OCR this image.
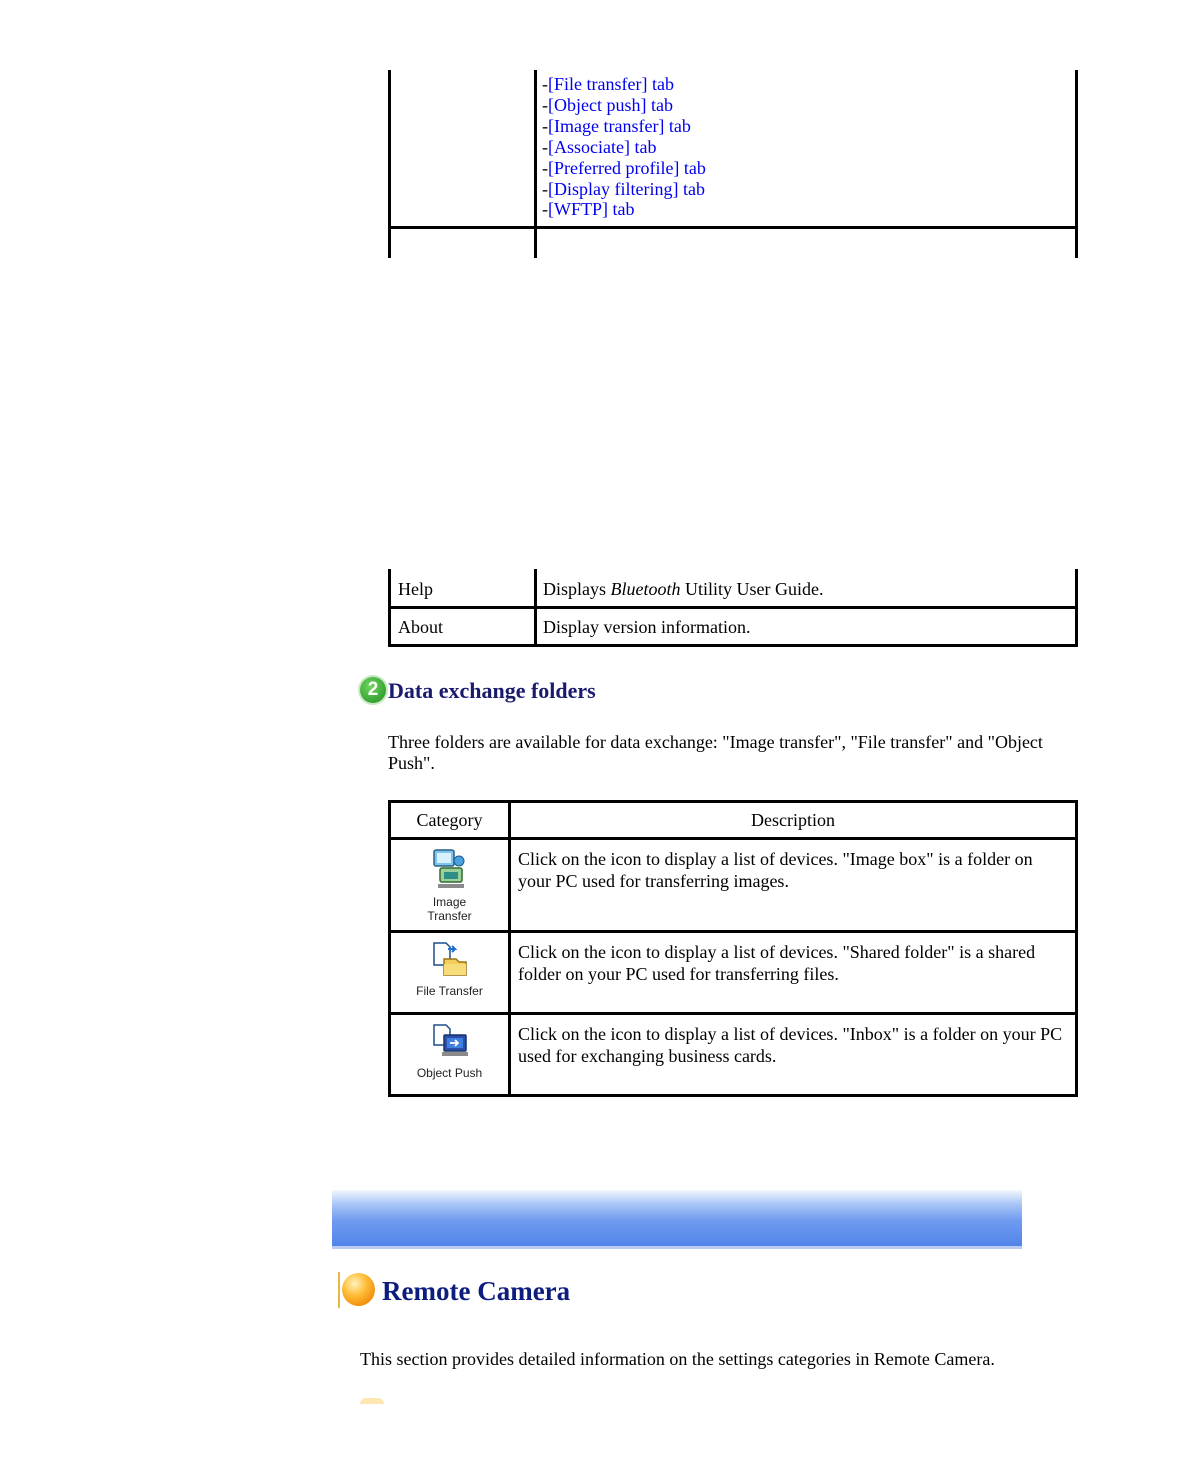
-[File transfer] tab
-[Object push] tab
-[Image transfer] tab
-[Associate] tab
-[Preferred profile] tab
-[Display filtering] tab
-[WFTP] tab
Help	Displays Bluetooth Utility User Guide.
About	Display version information.
2 Data exchange folders
Three folders are available for data exchange: "Image transfer", "File transfer" and "Object Push".
Category	Description

Image
Transfer	Click on the icon to display a list of devices. "Image box" is a folder on your PC used for transferring images.

File Transfer	Click on the icon to display a list of devices. "Shared folder" is a shared folder on your PC used for transferring files.

Object Push	Click on the icon to display a list of devices. "Inbox" is a folder on your PC used for exchanging business cards.
Remote Camera
This section provides detailed information on the settings categories in Remote Camera.
